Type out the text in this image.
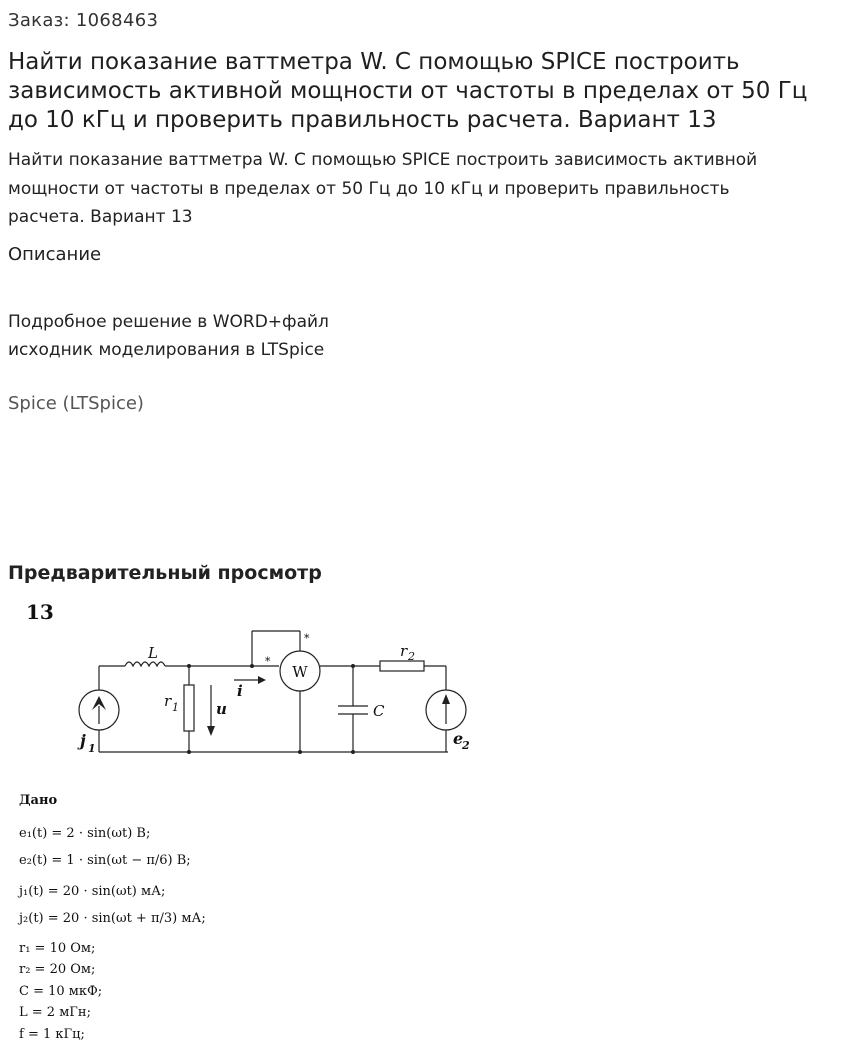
Заказ: 1068463
Найти показание ваттметра W. С помощью SPICE построить зависимость активной мощности от частоты в пределах от 50 Гц до 10 кГц и проверить правильность расчета. Вариант 13

Найти показание ваттметра W. С помощью SPICE построить зависимость активной мощности от частоты в пределах от 50 Гц до 10 кГц и проверить правильность расчета. Вариант 13

Описание
Подробное решение в WORD+файл
исходник моделирования в LTSpice
Spice (LTSpice)
Предварительный просмотр
13
L
r 1 u
i
*
*
W
r 2
C
j 1
e
2
Дано
e₁(t) = 2 · sin(ωt) В;
e₂(t) = 1 · sin(ωt − π/6) В;
j₁(t) = 20 · sin(ωt) мА;
j₂(t) = 20 · sin(ωt + π/3) мА;
r₁ = 10 Ом;
r₂ = 20 Ом;
C = 10 мкФ;
L = 2 мГн;
f = 1 кГц;
